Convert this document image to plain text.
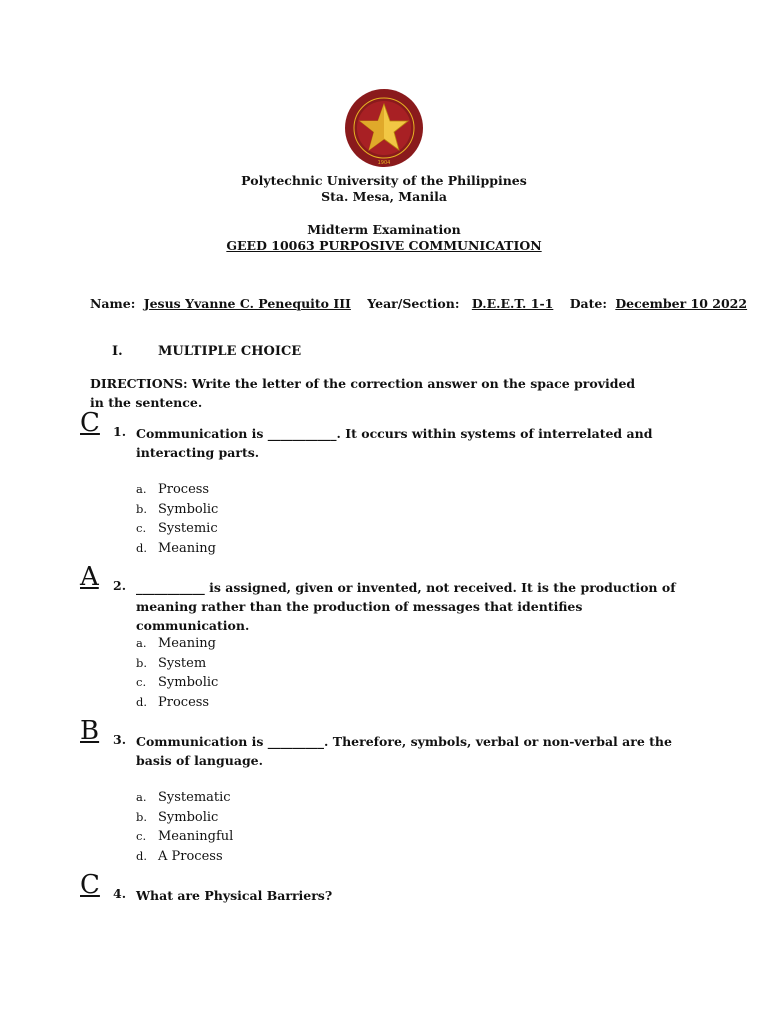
1904
Polytechnic University of the Philippines
Sta. Mesa, Manila
Midterm Examination
GEED 10063 PURPOSIVE COMMUNICATION
Name: Jesus Yvanne C. Penequito III Year/Section: D.E.E.T. 1-1 Date: December 10 2022
I.	MULTIPLE CHOICE
DIRECTIONS: Write the letter of the correction answer on the space provided in the sentence.
C 1. Communication is ___________. It occurs within systems of interrelated and interacting parts.
a. Process
b. Symbolic
c. Systemic
d. Meaning
A 2. ___________ is assigned, given or invented, not received. It is the production of meaning rather than the production of messages that identifies communication.
a. Meaning
b. System
c. Symbolic
d. Process
B 3. Communication is _________. Therefore, symbols, verbal or non-verbal are the basis of language.
a. Systematic
b. Symbolic
c. Meaningful
d. A Process
C 4. What are Physical Barriers?
